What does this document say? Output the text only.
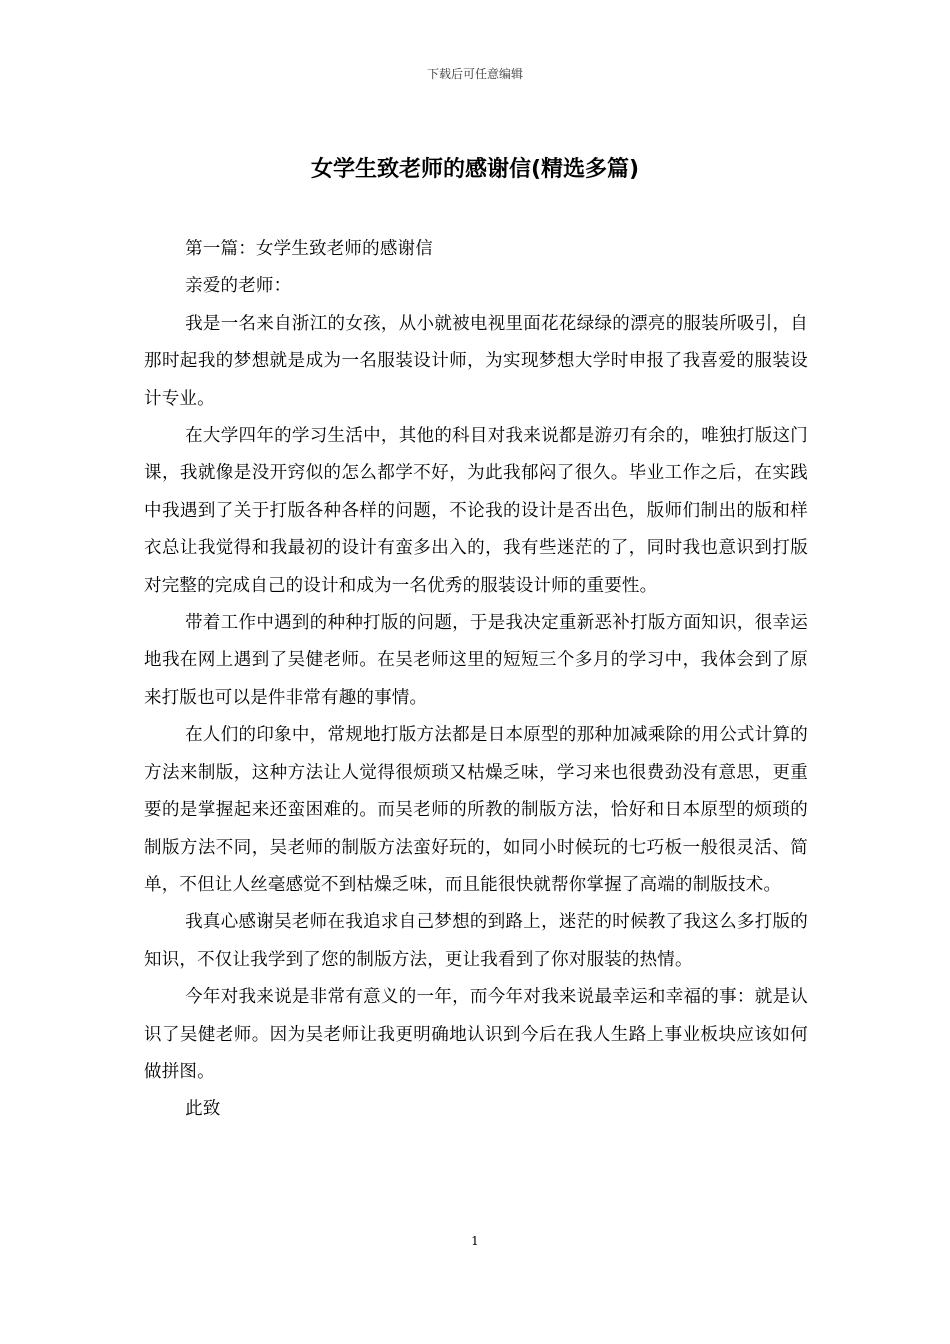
下载后可任意编辑
女学生致老师的感谢信(精选多篇)

第一篇：女学生致老师的感谢信

亲爱的老师：

我是一名来自浙江的女孩，从小就被电视里面花花绿绿的漂亮的服装所吸引，自那时起我的梦想就是成为一名服装设计师，为实现梦想大学时申报了我喜爱的服装设计专业。

在大学四年的学习生活中，其他的科目对我来说都是游刃有余的，唯独打版这门课，我就像是没开窍似的怎么都学不好，为此我郁闷了很久。毕业工作之后，在实践中我遇到了关于打版各种各样的问题，不论我的设计是否出色，版师们制出的版和样衣总让我觉得和我最初的设计有蛮多出入的，我有些迷茫的了，同时我也意识到打版对完整的完成自己的设计和成为一名优秀的服装设计师的重要性。

带着工作中遇到的种种打版的问题，于是我决定重新恶补打版方面知识，很幸运地我在网上遇到了吴健老师。在吴老师这里的短短三个多月的学习中，我体会到了原来打版也可以是件非常有趣的事情。

在人们的印象中，常规地打版方法都是日本原型的那种加减乘除的用公式计算的方法来制版，这种方法让人觉得很烦琐又枯燥乏味，学习来也很费劲没有意思，更重要的是掌握起来还蛮困难的。而吴老师的所教的制版方法，恰好和日本原型的烦琐的制版方法不同，吴老师的制版方法蛮好玩的，如同小时候玩的七巧板一般很灵活、简单，不但让人丝毫感觉不到枯燥乏味，而且能很快就帮你掌握了高端的制版技术。

我真心感谢吴老师在我追求自己梦想的到路上，迷茫的时候教了我这么多打版的知识，不仅让我学到了您的制版方法，更让我看到了你对服装的热情。

今年对我来说是非常有意义的一年，而今年对我来说最幸运和幸福的事：就是认识了吴健老师。因为吴老师让我更明确地认识到今后在我人生路上事业板块应该如何做拼图。

此致

1
